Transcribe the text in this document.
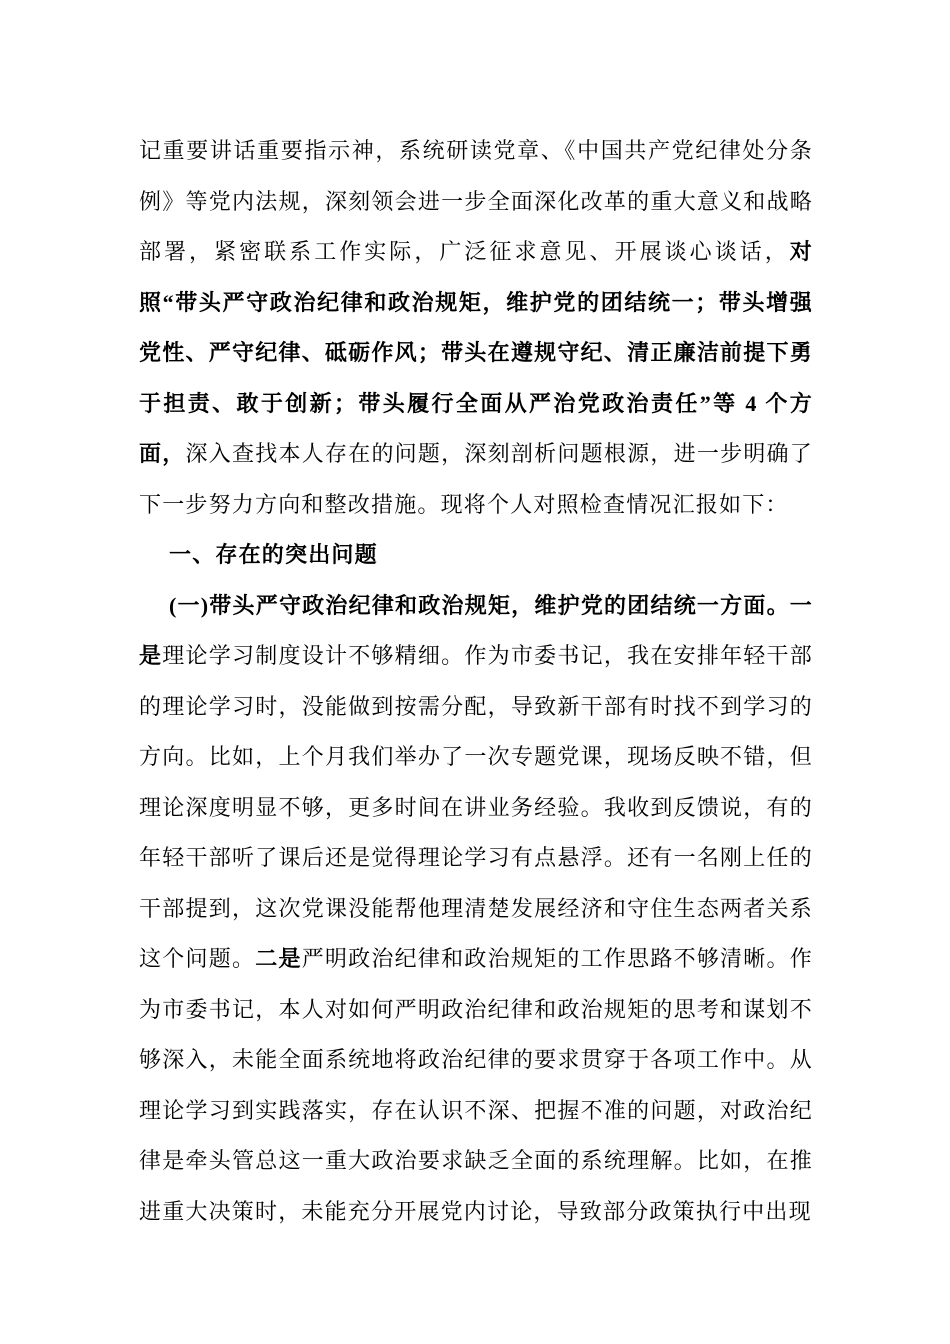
记重要讲话重要指示神，系统研读党章、《中国共产党纪律处分条例》等党内法规，深刻领会进一步全面深化改革的重大意义和战略部署，紧密联系工作实际，广泛征求意见、开展谈心谈话，对照“带头严守政治纪律和政治规矩，维护党的团结统一；带头增强党性、严守纪律、砥砺作风；带头在遵规守纪、清正廉洁前提下勇于担责、敢于创新；带头履行全面从严治党政治责任”等 4 个方面，深入查找本人存在的问题，深刻剖析问题根源，进一步明确了下一步努力方向和整改措施。现将个人对照检查情况汇报如下：

一、存在的突出问题

(一)带头严守政治纪律和政治规矩，维护党的团结统一方面。一是理论学习制度设计不够精细。作为市委书记，我在安排年轻干部的理论学习时，没能做到按需分配，导致新干部有时找不到学习的方向。比如，上个月我们举办了一次专题党课，现场反映不错，但理论深度明显不够，更多时间在讲业务经验。我收到反馈说，有的年轻干部听了课后还是觉得理论学习有点悬浮。还有一名刚上任的干部提到，这次党课没能帮他理清楚发展经济和守住生态两者关系这个问题。二是严明政治纪律和政治规矩的工作思路不够清晰。作为市委书记，本人对如何严明政治纪律和政治规矩的思考和谋划不够深入，未能全面系统地将政治纪律的要求贯穿于各项工作中。从理论学习到实践落实，存在认识不深、把握不准的问题，对政治纪律是牵头管总这一重大政治要求缺乏全面的系统理解。比如，在推进重大决策时，未能充分开展党内讨论，导致部分政策执行中出现
